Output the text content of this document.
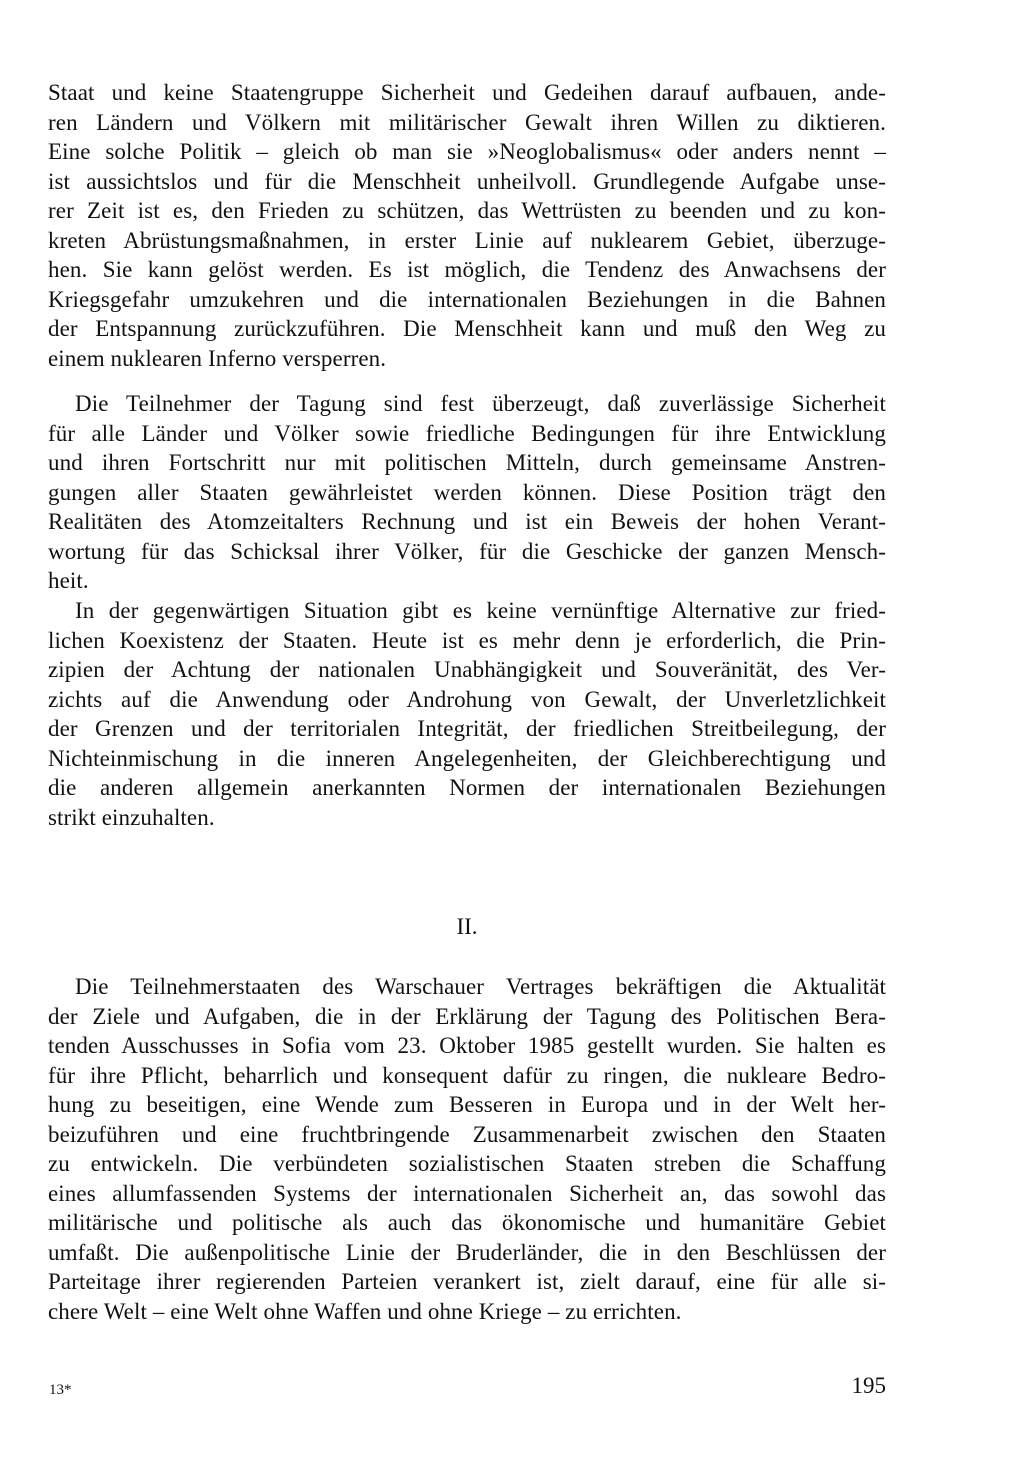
Staat und keine Staatengruppe Sicherheit und Gedeihen darauf aufbauen, ande-
ren Ländern und Völkern mit militärischer Gewalt ihren Willen zu diktieren.
Eine solche Politik – gleich ob man sie »Neoglobalismus« oder anders nennt –
ist aussichtslos und für die Menschheit unheilvoll. Grundlegende Aufgabe unse-
rer Zeit ist es, den Frieden zu schützen, das Wettrüsten zu beenden und zu kon-
kreten Abrüstungsmaßnahmen, in erster Linie auf nuklearem Gebiet, überzuge-
hen. Sie kann gelöst werden. Es ist möglich, die Tendenz des Anwachsens der
Kriegsgefahr umzukehren und die internationalen Beziehungen in die Bahnen
der Entspannung zurückzuführen. Die Menschheit kann und muß den Weg zu
einem nuklearen Inferno versperren.
Die Teilnehmer der Tagung sind fest überzeugt, daß zuverlässige Sicherheit
für alle Länder und Völker sowie friedliche Bedingungen für ihre Entwicklung
und ihren Fortschritt nur mit politischen Mitteln, durch gemeinsame Anstren-
gungen aller Staaten gewährleistet werden können. Diese Position trägt den
Realitäten des Atomzeitalters Rechnung und ist ein Beweis der hohen Verant-
wortung für das Schicksal ihrer Völker, für die Geschicke der ganzen Mensch-
heit.
In der gegenwärtigen Situation gibt es keine vernünftige Alternative zur fried-
lichen Koexistenz der Staaten. Heute ist es mehr denn je erforderlich, die Prin-
zipien der Achtung der nationalen Unabhängigkeit und Souveränität, des Ver-
zichts auf die Anwendung oder Androhung von Gewalt, der Unverletzlichkeit
der Grenzen und der territorialen Integrität, der friedlichen Streitbeilegung, der
Nichteinmischung in die inneren Angelegenheiten, der Gleichberechtigung und
die anderen allgemein anerkannten Normen der internationalen Beziehungen
strikt einzuhalten.
II.
Die Teilnehmerstaaten des Warschauer Vertrages bekräftigen die Aktualität
der Ziele und Aufgaben, die in der Erklärung der Tagung des Politischen Bera-
tenden Ausschusses in Sofia vom 23. Oktober 1985 gestellt wurden. Sie halten es
für ihre Pflicht, beharrlich und konsequent dafür zu ringen, die nukleare Bedro-
hung zu beseitigen, eine Wende zum Besseren in Europa und in der Welt her-
beizuführen und eine fruchtbringende Zusammenarbeit zwischen den Staaten
zu entwickeln. Die verbündeten sozialistischen Staaten streben die Schaffung
eines allumfassenden Systems der internationalen Sicherheit an, das sowohl das
militärische und politische als auch das ökonomische und humanitäre Gebiet
umfaßt. Die außenpolitische Linie der Bruderländer, die in den Beschlüssen der
Parteitage ihrer regierenden Parteien verankert ist, zielt darauf, eine für alle si-
chere Welt – eine Welt ohne Waffen und ohne Kriege – zu errichten.
13*	195
